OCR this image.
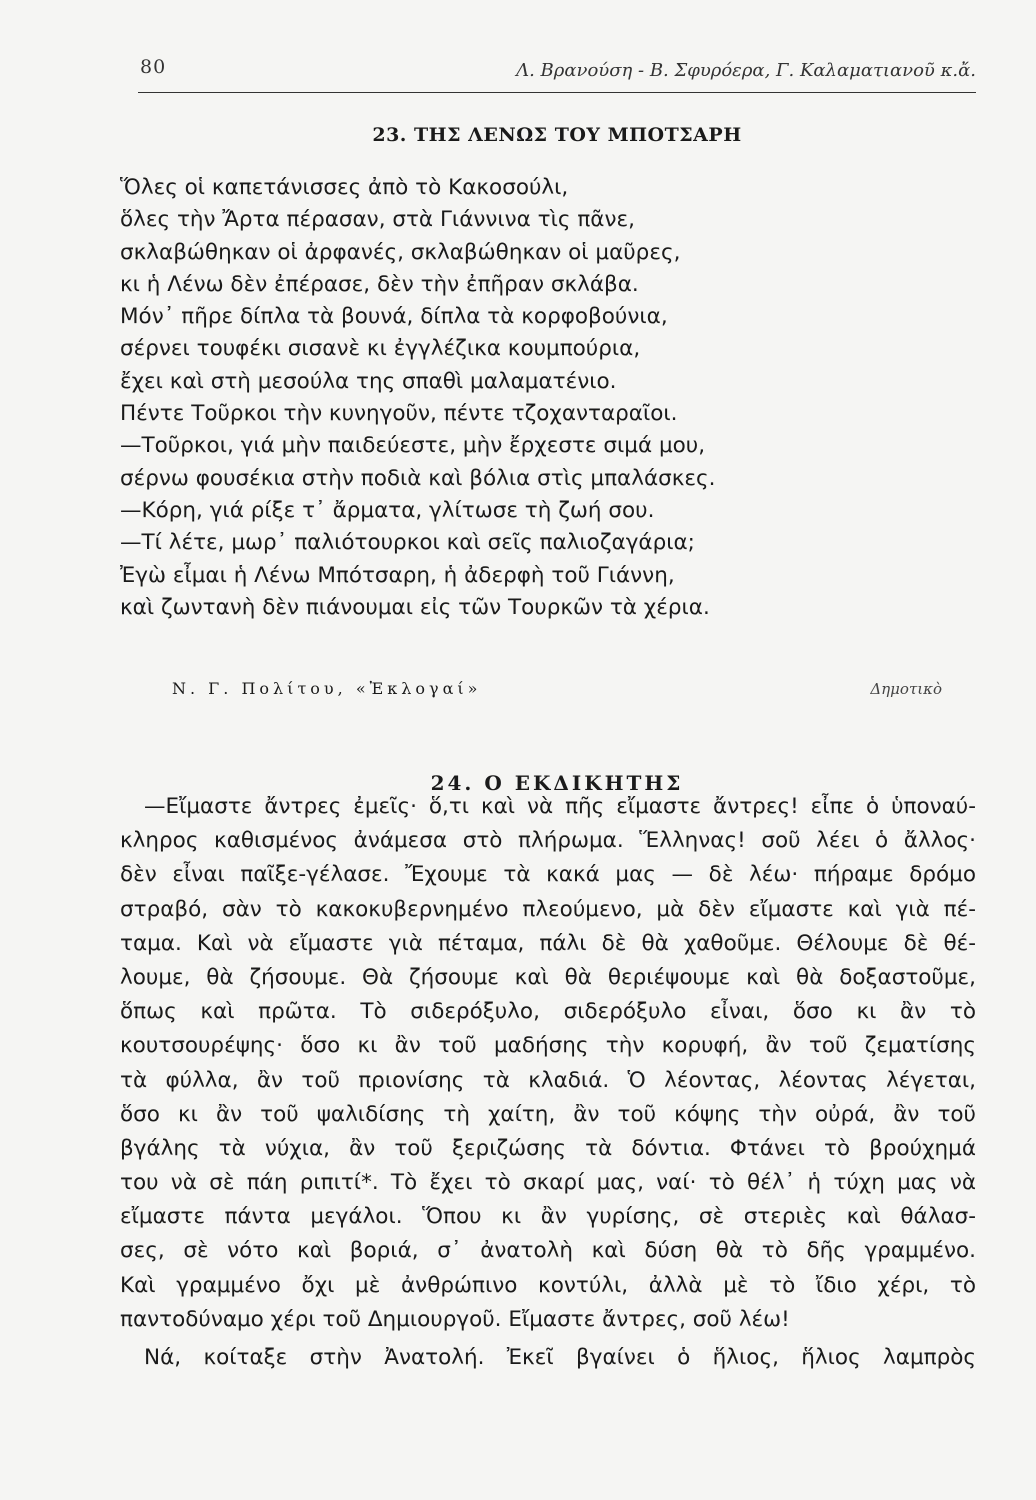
80	Λ. Βρανούση - Β. Σφυρόερα, Γ. Καλαματιανοῦ κ.ἄ.
23. ΤΗΣ ΛΕΝΩΣ ΤΟΥ ΜΠΟΤΣΑΡΗ
Ὅλες οἱ καπετάνισσες ἀπὸ τὸ Κακοσούλι,
ὅλες τὴν Ἄρτα πέρασαν, στὰ Γιάννινα τὶς πᾶνε,
σκλαβώθηκαν οἱ ἀρφανές, σκλαβώθηκαν οἱ μαῦρες,
κι ἡ Λένω δὲν ἐπέρασε, δὲν τὴν ἐπῆραν σκλάβα.
Μόν᾿ πῆρε δίπλα τὰ βουνά, δίπλα τὰ κορφοβούνια,
σέρνει τουφέκι σισανὲ κι ἐγγλέζικα κουμπούρια,
ἔχει καὶ στὴ μεσούλα της σπαθὶ μαλαματένιο.
Πέντε Τοῦρκοι τὴν κυνηγοῦν, πέντε τζοχανταραῖοι.
—Τοῦρκοι, γιά μὴν παιδεύεστε, μὴν ἔρχεστε σιμά μου,
σέρνω φουσέκια στὴν ποδιὰ καὶ βόλια στὶς μπαλάσκες.
—Κόρη, γιά ρίξε τ᾿ ἄρματα, γλίτωσε τὴ ζωή σου.
—Τί λέτε, μωρ᾿ παλιότουρκοι καὶ σεῖς παλιοζαγάρια;
Ἐγὼ εἶμαι ἡ Λένω Μπότσαρη, ἡ ἀδερφὴ τοῦ Γιάννη,
καὶ ζωντανὴ δὲν πιάνουμαι εἰς τῶν Τουρκῶν τὰ χέρια.
Ν. Γ. Πολίτου, «Ἐκλογαί»	Δημοτικὸ
24. Ο ΕΚΔΙΚΗΤΗΣ
—Εἴμαστε ἄντρες ἐμεῖς· ὅ,τι καὶ νὰ πῆς εἴμαστε ἄντρες! εἶπε ὁ ὑποναύ-
κληρος καθισμένος ἀνάμεσα στὸ πλήρωμα. Ἕλληνας! σοῦ λέει ὁ ἄλλος·
δὲν εἶναι παῖξε-γέλασε. Ἔχουμε τὰ κακά μας — δὲ λέω· πήραμε δρόμο
στραβό, σὰν τὸ κακοκυβερνημένο πλεούμενο, μὰ δὲν εἴμαστε καὶ γιὰ πέ-
ταμα. Καὶ νὰ εἴμαστε γιὰ πέταμα, πάλι δὲ θὰ χαθοῦμε. Θέλουμε δὲ θέ-
λουμε, θὰ ζήσουμε. Θὰ ζήσουμε καὶ θὰ θεριέψουμε καὶ θὰ δοξαστοῦμε,
ὅπως καὶ πρῶτα. Τὸ σιδερόξυλο, σιδερόξυλο εἶναι, ὅσο κι ἂν τὸ
κουτσουρέψης· ὅσο κι ἂν τοῦ μαδήσης τὴν κορυφή, ἂν τοῦ ζεματίσης
τὰ φύλλα, ἂν τοῦ πριονίσης τὰ κλαδιά. Ὁ λέοντας, λέοντας λέγεται,
ὅσο κι ἂν τοῦ ψαλιδίσης τὴ χαίτη, ἂν τοῦ κόψης τὴν οὐρά, ἂν τοῦ
βγάλης τὰ νύχια, ἂν τοῦ ξεριζώσης τὰ δόντια. Φτάνει τὸ βρούχημά
του νὰ σὲ πάη ριπιτί*. Τὸ ἔχει τὸ σκαρί μας, ναί· τὸ θέλ᾿ ἡ τύχη μας νὰ
εἴμαστε πάντα μεγάλοι. Ὅπου κι ἂν γυρίσης, σὲ στεριὲς καὶ θάλασ-
σες, σὲ νότο καὶ βοριά, σ᾿ ἀνατολὴ καὶ δύση θὰ τὸ δῆς γραμμένο.
Καὶ γραμμένο ὄχι μὲ ἀνθρώπινο κοντύλι, ἀλλὰ μὲ τὸ ἴδιο χέρι, τὸ
παντοδύναμο χέρι τοῦ Δημιουργοῦ. Εἴμαστε ἄντρες, σοῦ λέω!
Νά, κοίταξε στὴν Ἀνατολή. Ἐκεῖ βγαίνει ὁ ἥλιος, ἥλιος λαμπρὸς
